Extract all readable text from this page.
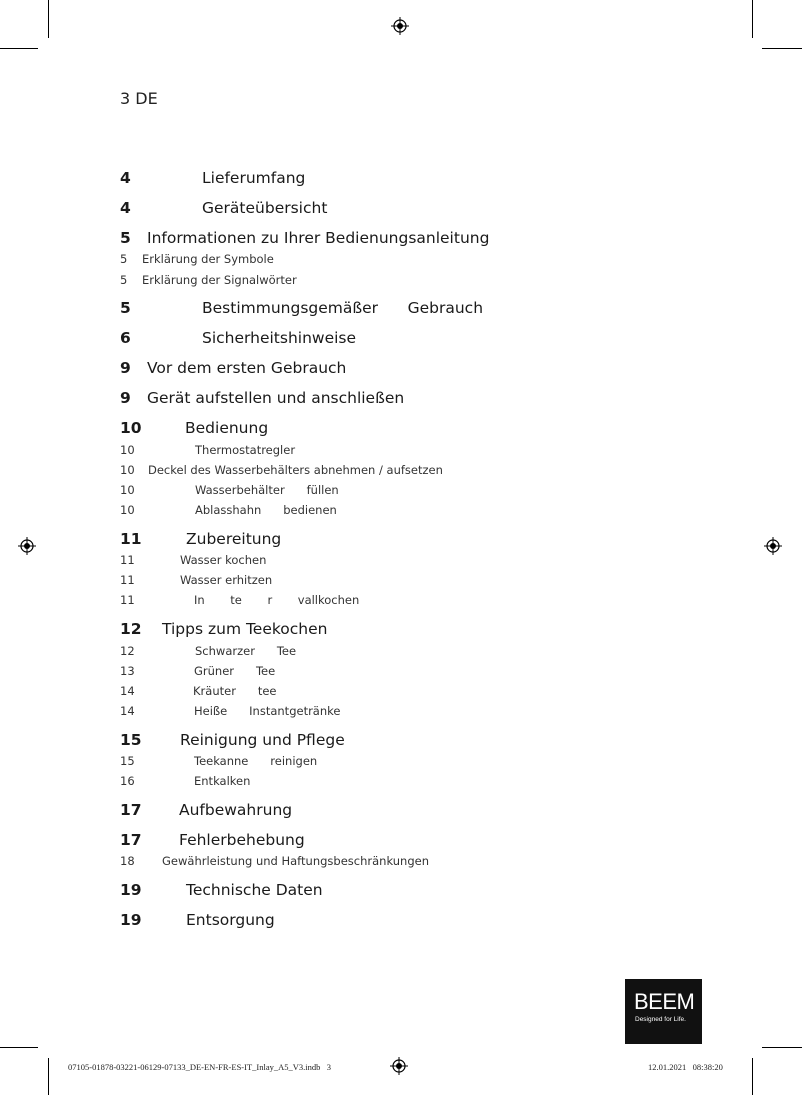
3 DE
4	Lieferumfang
4	Geräteübersicht
5 Informationen zu Ihrer Bedienungsanleitung
5 Erklärung der Symbole
5 Erklärung der Signalwörter
5	Bestimmungsgemäßer      Gebrauch
6	Sicherheitshinweise
9 Vor dem ersten Gebrauch
9 Gerät aufstellen und anschließen
10	Bedienung
10	Thermostatregler
10 Deckel des Wasserbehälters abnehmen / aufsetzen
10	Wasserbehälter      füllen
10	Ablasshahn      bedienen
11	Zubereitung
11	Wasser kochen
11	Wasser erhitzen
11	In       te       r       vallkochen
12 Tipps zum Teekochen
12	Schwarzer      Tee
13	Grüner      Tee
14	Kräuter      tee
14	Heiße      Instantgetränke
15 Reinigung und Pflege
15	Teekanne      reinigen
16	Entkalken
17 Aufbewahrung
17 Fehlerbehebung
18 Gewährleistung und Haftungsbeschränkungen
19	Technische Daten
19	Entsorgung
BEEM
Designed for Life.
07105-01878-03221-06129-07133_DE-EN-FR-ES-IT_Inlay_A5_V3.indb   3	12.01.2021   08:38:20
